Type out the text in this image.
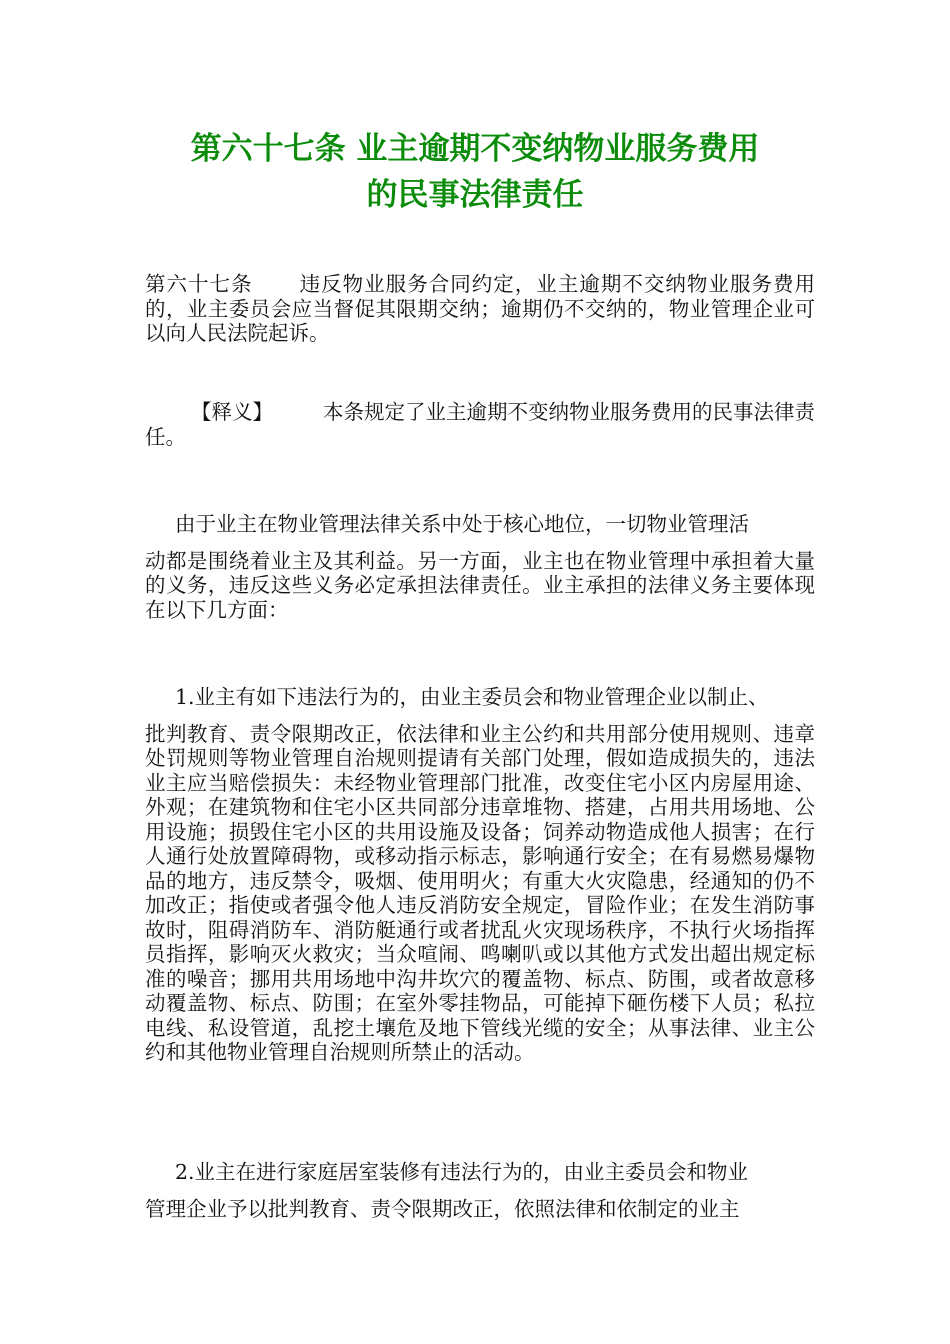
第六十七条 业主逾期不变纳物业服务费用
的民事法律责任

第六十七条 违反物业服务合同约定，业主逾期不交纳物业服务费用的，业主委员会应当督促其限期交纳；逾期仍不交纳的，物业管理企业可以向人民法院起诉。

【释义】 本条规定了业主逾期不变纳物业服务费用的民事法律责任。

由于业主在物业管理法律关系中处于核心地位，一切物业管理活
动都是围绕着业主及其利益。另一方面，业主也在物业管理中承担着大量的义务，违反这些义务必定承担法律责任。业主承担的法律义务主要体现在以下几方面：

1.业主有如下违法行为的，由业主委员会和物业管理企业以制止、
批判教育、责令限期改正，依法律和业主公约和共用部分使用规则、违章处罚规则等物业管理自治规则提请有关部门处理，假如造成损失的，违法业主应当赔偿损失：未经物业管理部门批准，改变住宅小区内房屋用途、外观；在建筑物和住宅小区共同部分违章堆物、搭建，占用共用场地、公用设施；损毁住宅小区的共用设施及设备；饲养动物造成他人损害；在行人通行处放置障碍物，或移动指示标志，影响通行安全；在有易燃易爆物品的地方，违反禁令，吸烟、使用明火；有重大火灾隐患，经通知的仍不加改正；指使或者强令他人违反消防安全规定，冒险作业；在发生消防事故时，阻碍消防车、消防艇通行或者扰乱火灾现场秩序，不执行火场指挥员指挥，影响灭火救灾；当众喧闹、鸣喇叭或以其他方式发出超出规定标准的噪音；挪用共用场地中沟井坎穴的覆盖物、标点、防围，或者故意移动覆盖物、标点、防围；在室外零挂物品，可能掉下砸伤楼下人员；私拉电线、私设管道，乱挖土壤危及地下管线光缆的安全；从事法律、业主公约和其他物业管理自治规则所禁止的活动。

2.业主在进行家庭居室装修有违法行为的，由业主委员会和物业
管理企业予以批判教育、责令限期改正，依照法律和依制定的业主
